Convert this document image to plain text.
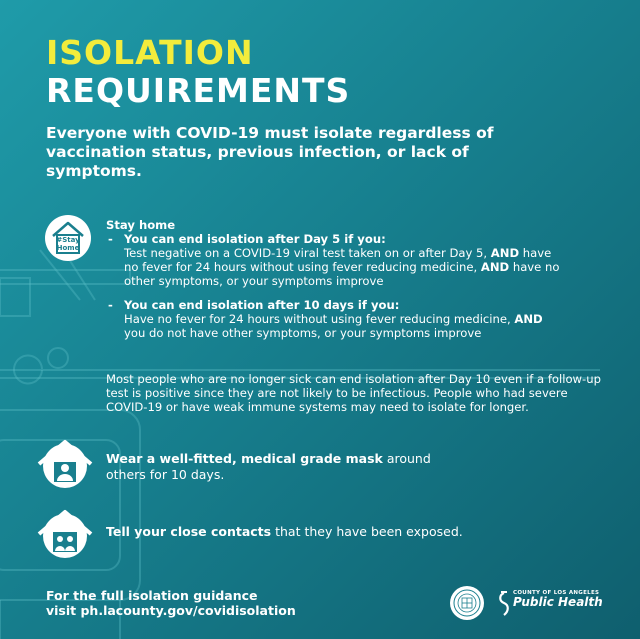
ISOLATION
REQUIREMENTS

Everyone with COVID-19 must isolate regardless of vaccination status, previous infection, or lack of symptoms.

#Stay
Home
Stay home
- You can end isolation after Day 5 if you:
Test negative on a COVID-19 viral test taken on or after Day 5, AND have no fever for 24 hours without using fever reducing medicine, AND have no other symptoms, or your symptoms improve
- You can end isolation after 10 days if you:
Have no fever for 24 hours without using fever reducing medicine, AND you do not have other symptoms, or your symptoms improve

Most people who are no longer sick can end isolation after Day 10 even if a follow-up test is positive since they are not likely to be infectious. People who had severe COVID-19 or have weak immune systems may need to isolate for longer.

Wear a well-fitted, medical grade mask around others for 10 days.

Tell your close contacts that they have been exposed.

For the full isolation guidance
visit ph.lacounty.gov/covidisolation

COUNTY OF LOS ANGELES
Public Health
